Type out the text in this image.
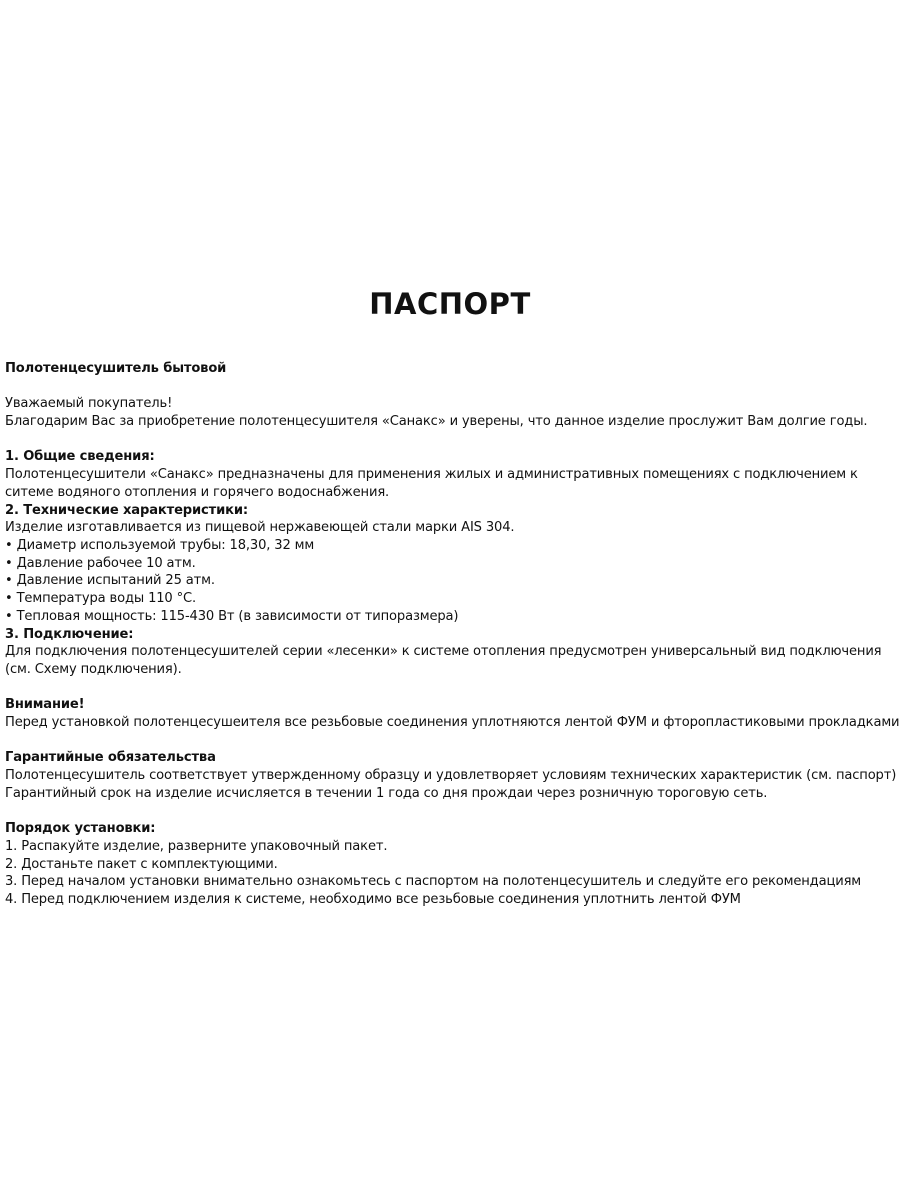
ПАСПОРТ

Полотенцесушитель бытовой

Уважаемый покупатель!

Благодарим Вас за приобретение полотенцесушителя «Санакс» и уверены, что данное изделие прослужит Вам долгие годы.

1. Общие сведения:

Полотенцесушители «Санакс» предназначены для применения жилых и административных помещениях с подключением к

ситеме водяного отопления и горячего водоснабжения.

2. Технические характеристики:

Изделие изготавливается из пищевой нержавеющей стали марки AIS 304.

• Диаметр используемой трубы: 18,30, 32 мм

• Давление рабочее 10 атм.

• Давление испытаний 25 атм.

• Температура воды 110 °С.

• Тепловая мощность: 115-430 Вт (в зависимости от типоразмера)

3. Подключение:

Для подключения полотенцесушителей серии «лесенки» к системе отопления предусмотрен универсальный вид подключения

(см. Схему подключения).

Внимание!

Перед установкой полотенцесушеителя все резьбовые соединения уплотняются лентой ФУМ и фторопластиковыми прокладками

Гарантийные обязательства

Полотенцесушитель соответствует утвержденному образцу и удовлетворяет условиям технических характеристик (см. паспорт)

Гарантийный срок на изделие исчисляется в течении 1 года со дня прождаи через розничную тороговую сеть.

Порядок установки:

1. Распакуйте изделие, разверните упаковочный пакет.

2. Достаньте пакет с комплектующими.

3. Перед началом установки внимательно ознакомьтесь с паспортом на полотенцесушитель и следуйте его рекомендациям

4. Перед подключением изделия к системе, необходимо все резьбовые соединения уплотнить лентой ФУМ
